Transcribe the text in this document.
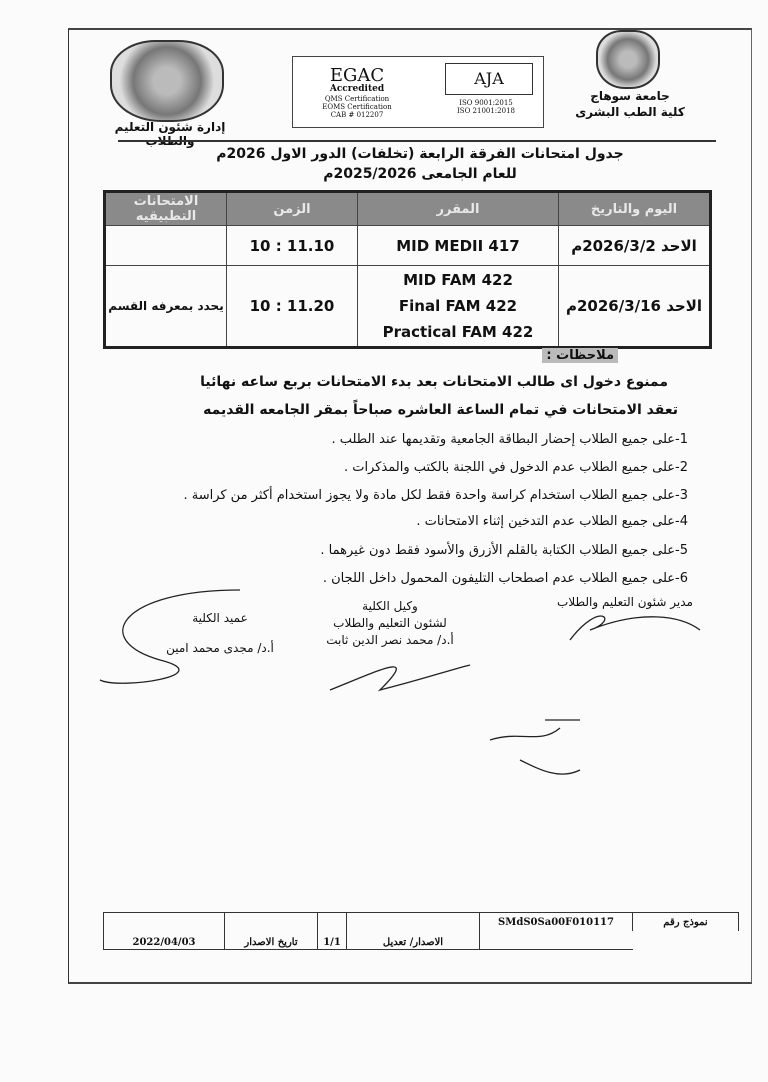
إدارة شئون التعليم
EGAC
Accredited
QMS Certification
EOMS Certification
CAB # 012207
AJA
ISO 9001:2015
ISO 21001:2018
جامعة سوهاج
كلية الطب البشرى
جدول امتحانات الفرقة الرابعة (تخلفات) الدور الاول 2026م
للعام الجامعى 2025/2026م
اليوم والتاريخ	المقرر	الزمن	الامتحانات التطبيقيه
الاحد 2026/3/2م	MID MEDII 417	10 : 11.10	
الاحد 2026/3/16م	MID FAM 422
Final FAM 422
Practical FAM 422	10 : 11.20	يحدد بمعرفه القسم
ملاحظات :
ممنوع دخول اى طالب الامتحانات بعد بدء الامتحانات بربع ساعه نهائيا
تعقد الامتحانات في تمام الساعة العاشره صباحاً بمقر الجامعه القديمه
1-على جميع الطلاب إحضار البطاقة الجامعية وتقديمها عند الطلب .
2-على جميع الطلاب عدم الدخول في اللجنة بالكتب والمذكرات .
3-على جميع الطلاب استخدام كراسة واحدة فقط لكل مادة ولا يجوز استخدام أكثر من كراسة .
4-على جميع الطلاب عدم التدخين إثناء الامتحانات .
5-على جميع الطلاب الكتابة بالقلم الأزرق والأسود فقط دون غيرهما .
6-على جميع الطلاب عدم اصطحاب التليفون المحمول داخل اللجان .
مدير شئون التعليم والطلاب
وكيل الكلية
لشئون التعليم والطلاب
أ.د/ محمد نصر الدين ثابت
عميد الكلية
أ.د/ مجدى محمد امين
2022/04/03	تاريخ الاصدار	1/1	الاصدار/ تعديل	SMdS0Sa00F010117	نموذج رقم
